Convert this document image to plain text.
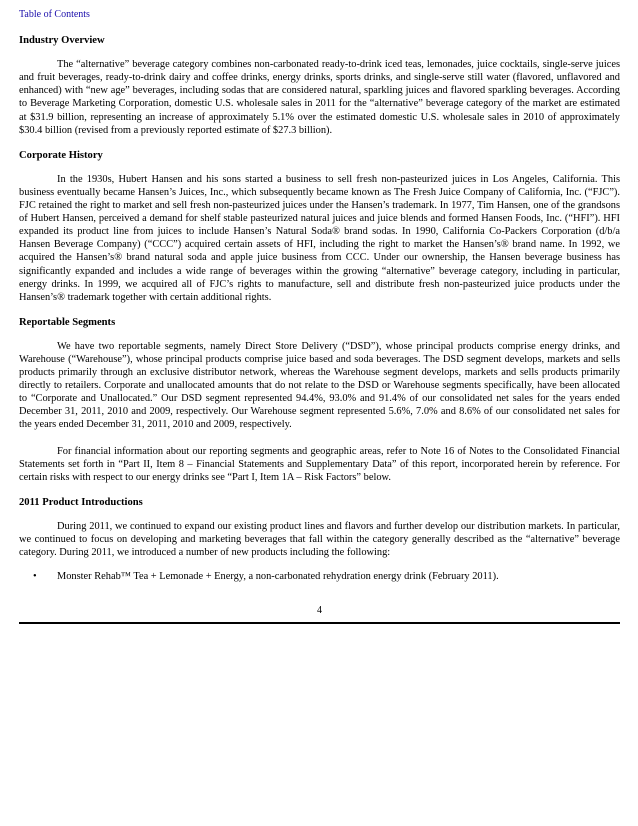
Table of Contents
Industry Overview

The “alternative” beverage category combines non-carbonated ready-to-drink iced teas, lemonades, juice cocktails, single-serve juices and fruit beverages, ready-to-drink dairy and coffee drinks, energy drinks, sports drinks, and single-serve still water (flavored, unflavored and enhanced) with “new age” beverages, including sodas that are considered natural, sparkling juices and flavored sparkling beverages. According to Beverage Marketing Corporation, domestic U.S. wholesale sales in 2011 for the “alternative” beverage category of the market are estimated at $31.9 billion, representing an increase of approximately 5.1% over the estimated domestic U.S. wholesale sales in 2010 of approximately $30.4 billion (revised from a previously reported estimate of $27.3 billion).

Corporate History

In the 1930s, Hubert Hansen and his sons started a business to sell fresh non-pasteurized juices in Los Angeles, California. This business eventually became Hansen’s Juices, Inc., which subsequently became known as The Fresh Juice Company of California, Inc. (“FJC”). FJC retained the right to market and sell fresh non-pasteurized juices under the Hansen’s trademark. In 1977, Tim Hansen, one of the grandsons of Hubert Hansen, perceived a demand for shelf stable pasteurized natural juices and juice blends and formed Hansen Foods, Inc. (“HFI”). HFI expanded its product line from juices to include Hansen’s Natural Soda® brand sodas. In 1990, California Co-Packers Corporation (d/b/a Hansen Beverage Company) (“CCC”) acquired certain assets of HFI, including the right to market the Hansen’s® brand name. In 1992, we acquired the Hansen’s® brand natural soda and apple juice business from CCC. Under our ownership, the Hansen beverage business has significantly expanded and includes a wide range of beverages within the growing “alternative” beverage category, including in particular, energy drinks. In 1999, we acquired all of FJC’s rights to manufacture, sell and distribute fresh non-pasteurized juice products under the Hansen’s® trademark together with certain additional rights.

Reportable Segments

We have two reportable segments, namely Direct Store Delivery (“DSD”), whose principal products comprise energy drinks, and Warehouse (“Warehouse”), whose principal products comprise juice based and soda beverages. The DSD segment develops, markets and sells products primarily through an exclusive distributor network, whereas the Warehouse segment develops, markets and sells products primarily directly to retailers. Corporate and unallocated amounts that do not relate to the DSD or Warehouse segments specifically, have been allocated to “Corporate and Unallocated.” Our DSD segment represented 94.4%, 93.0% and 91.4% of our consolidated net sales for the years ended December 31, 2011, 2010 and 2009, respectively. Our Warehouse segment represented 5.6%, 7.0% and 8.6% of our consolidated net sales for the years ended December 31, 2011, 2010 and 2009, respectively.

For financial information about our reporting segments and geographic areas, refer to Note 16 of Notes to the Consolidated Financial Statements set forth in “Part II, Item 8 – Financial Statements and Supplementary Data” of this report, incorporated herein by reference. For certain risks with respect to our energy drinks see “Part I, Item 1A – Risk Factors” below.

2011 Product Introductions

During 2011, we continued to expand our existing product lines and flavors and further develop our distribution markets. In particular, we continued to focus on developing and marketing beverages that fall within the category generally described as the “alternative” beverage category. During 2011, we introduced a number of new products including the following:

•	Monster Rehab™ Tea + Lemonade + Energy, a non-carbonated rehydration energy drink (February 2011).
4
